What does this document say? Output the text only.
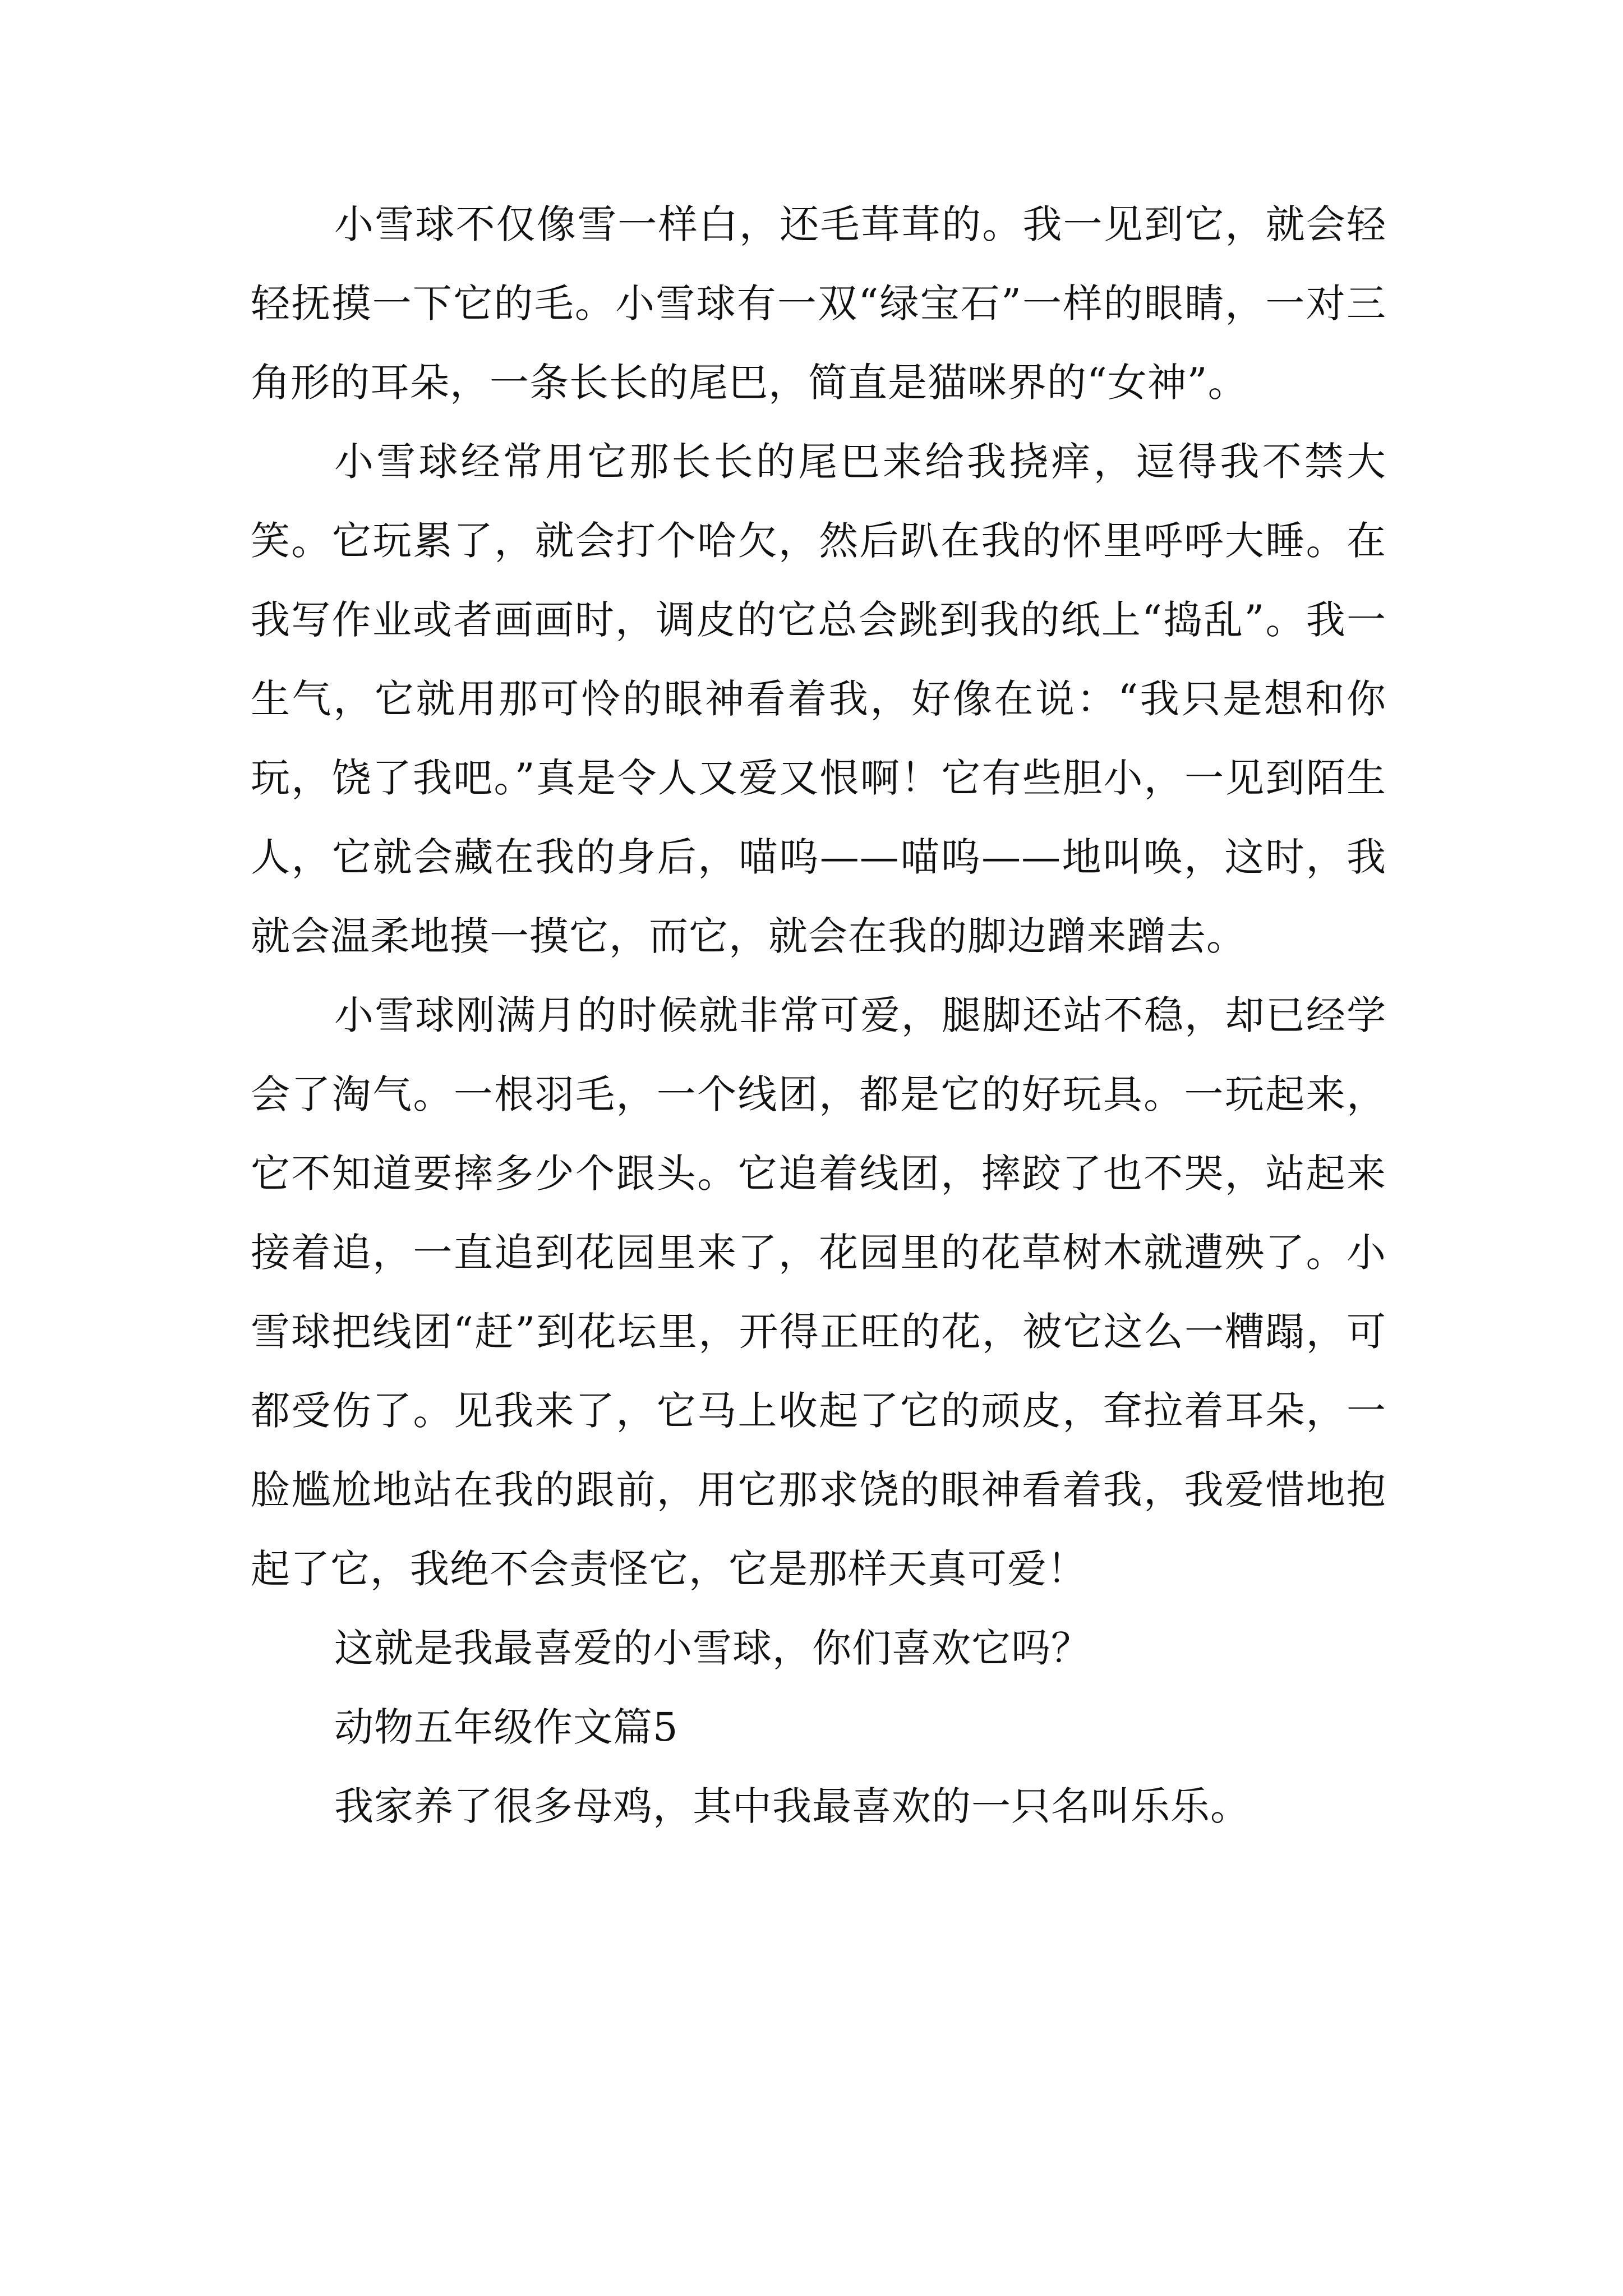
小雪球不仅像雪一样白，还毛茸茸的。我一见到它，就会轻轻抚摸一下它的毛。小雪球有一双“绿宝石”一样的眼睛，一对三角形的耳朵，一条长长的尾巴，简直是猫咪界的“女神”。

小雪球经常用它那长长的尾巴来给我挠痒，逗得我不禁大笑。它玩累了，就会打个哈欠，然后趴在我的怀里呼呼大睡。在我写作业或者画画时，调皮的它总会跳到我的纸上“捣乱”。我一生气，它就用那可怜的眼神看着我，好像在说：“我只是想和你玩，饶了我吧。”真是令人又爱又恨啊！它有些胆小，一见到陌生人，它就会藏在我的身后，喵呜——喵呜——地叫唤，这时，我就会温柔地摸一摸它，而它，就会在我的脚边蹭来蹭去。

小雪球刚满月的时候就非常可爱，腿脚还站不稳，却已经学会了淘气。一根羽毛，一个线团，都是它的好玩具。一玩起来，它不知道要摔多少个跟头。它追着线团，摔跤了也不哭，站起来接着追，一直追到花园里来了，花园里的花草树木就遭殃了。小雪球把线团“赶”到花坛里，开得正旺的花，被它这么一糟蹋，可都受伤了。见我来了，它马上收起了它的顽皮，耷拉着耳朵，一脸尴尬地站在我的跟前，用它那求饶的眼神看着我，我爱惜地抱起了它，我绝不会责怪它，它是那样天真可爱！

这就是我最喜爱的小雪球，你们喜欢它吗？

动物五年级作文篇5

我家养了很多母鸡，其中我最喜欢的一只名叫乐乐。
